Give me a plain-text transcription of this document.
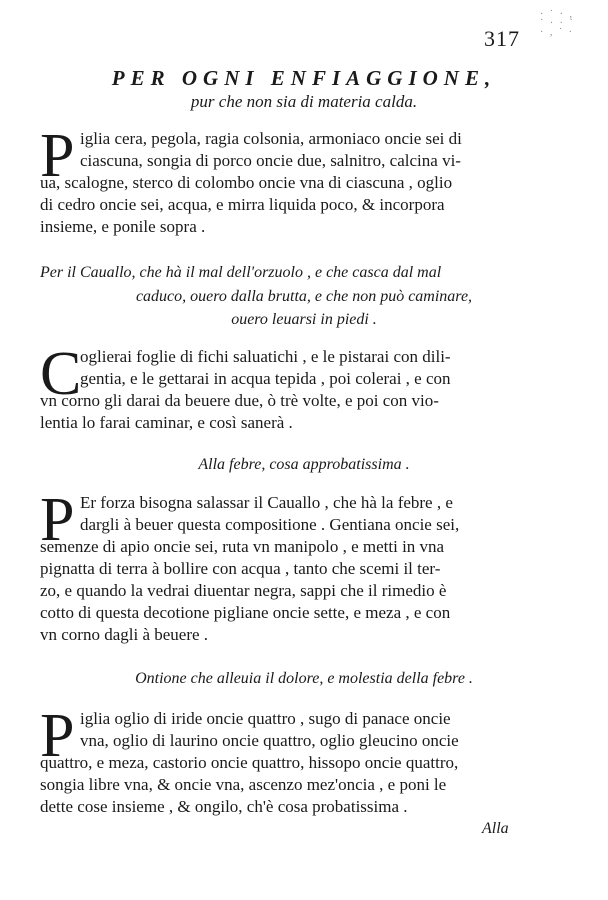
317
· ˙ · ,
˙ · · ˙
· , ˙ ·
PER OGNI ENFIAGGIONE,
pur che non sia di materia calda.
P iglia cera, pegola, ragia colsonia, armoniaco oncie sei di
ciascuna, songia di porco oncie due, salnitro, calcina vi-
ua, scalogne, sterco di colombo oncie vna di ciascuna , oglio
di cedro oncie sei, acqua, e mirra liquida poco, & incorpora
insieme, e ponile sopra .
Per il Cauallo, che hà il mal dell'orzuolo , e che casca dal mal
caduco, ouero dalla brutta, e che non può caminare,
ouero leuarsi in piedi .
C
oglierai foglie di fichi saluatichi , e le pistarai con dili-
gentia, e le gettarai in acqua tepida , poi colerai , e con
vn corno gli darai da beuere due, ò trè volte, e poi con vio-
lentia lo farai caminar, e così sanerà .
Alla febre, cosa approbatissima .
P Er forza bisogna salassar il Cauallo , che hà la febre , e
dargli à beuer questa compositione . Gentiana oncie sei,
semenze di apio oncie sei, ruta vn manipolo , e metti in vna
pignatta di terra à bollire con acqua , tanto che scemi il ter-
zo, e quando la vedrai diuentar negra, sappi che il rimedio è
cotto di questa decotione pigliane oncie sette, e meza , e con
vn corno dagli à beuere .
Ontione che alleuia il dolore, e molestia della febre .
P iglia oglio di iride oncie quattro , sugo di panace oncie
vna, oglio di laurino oncie quattro, oglio gleucino oncie
quattro, e meza, castorio oncie quattro, hissopo oncie quattro,
songia libre vna, & oncie vna, ascenzo mez'oncia , e poni le
dette cose insieme , & ongilo, ch'è cosa probatissima .
Alla
